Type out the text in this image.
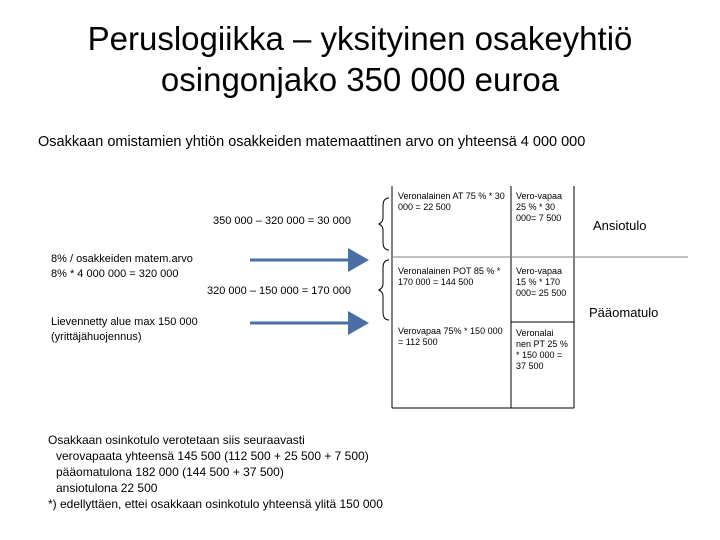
Peruslogiikka – yksityinen osakeyhtiö
osingonjako 350 000 euroa
Osakkaan omistamien yhtiön osakkeiden matemaattinen arvo on yhteensä 4 000 000
350 000 – 320 000 = 30 000
8% / osakkeiden matem.arvo
8% * 4 000 000 = 320 000
320 000 – 150 000 = 170 000
Lievennetty alue max 150 000
(yrittäjähuojennus)
Veronalainen AT 75 % * 30 000 = 22 500
Vero-vapaa 25 % * 30 000= 7 500
Veronalainen POT 85 % * 170 000 = 144 500
Vero-vapaa 15 % * 170 000= 25 500
Verovapaa 75% * 150 000 = 112 500
Veronalai nen PT 25 % * 150 000 = 37 500
Ansiotulo
Pääomatulo
Osakkaan osinkotulo verotetaan siis seuraavasti
verovapaata yhteensä 145 500 (112 500 + 25 500 + 7 500)
pääomatulona 182 000 (144 500 + 37 500)
ansiotulona 22 500
*) edellyttäen, ettei osakkaan osinkotulo yhteensä ylitä 150 000
